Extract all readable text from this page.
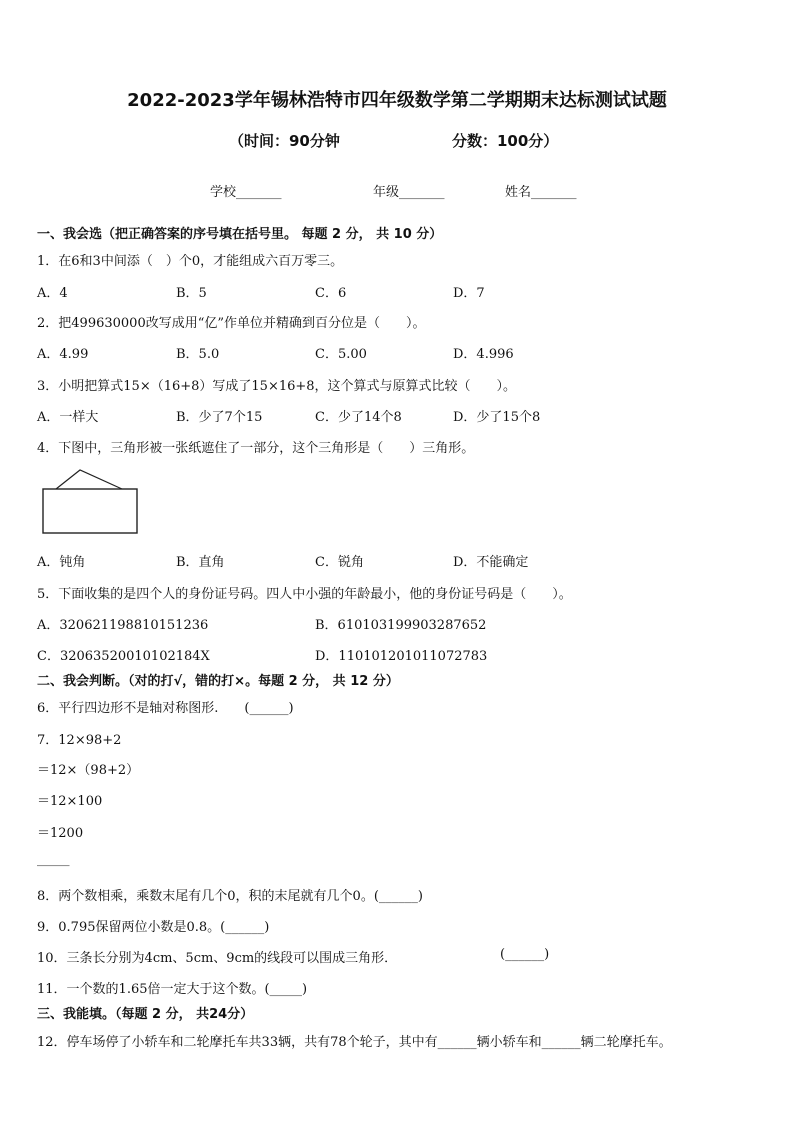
2022-2023学年锡林浩特市四年级数学第二学期期末达标测试试题
（时间：90分钟	分数：100分）
学校_______	年级_______	姓名_______
一、我会选（把正确答案的序号填在括号里。 每题 2 分， 共 10 分）
1．在6和3中间添（　）个0，才能组成六百万零三。
A．4	B．5	C．6	D．7
2．把499630000改写成用“亿”作单位并精确到百分位是（　　）。
A．4.99	B．5.0	C．5.00	D．4.996
3．小明把算式15×（16+8）写成了15×16+8，这个算式与原算式比较（　　）。
A．一样大	B．少了7个15	C．少了14个8	D．少了15个8
4．下图中，三角形被一张纸遮住了一部分，这个三角形是（　　）三角形。
A．钝角	B．直角	C．锐角	D．不能确定
5．下面收集的是四个人的身份证号码。四人中小强的年龄最小，他的身份证号码是（　　）。
A．320621198810151236	B．610103199903287652
C．32063520010102184X	D．110101201011072783
二、我会判断。（对的打√，错的打×。每题 2 分， 共 12 分）
6．平行四边形不是轴对称图形.　　(______)
7．12×98+2
＝12×（98+2）
＝12×100
＝1200
_____
8．两个数相乘，乘数末尾有几个0，积的末尾就有几个0。(______)
9．0.795保留两位小数是0.8。(______)
10．三条长分别为4cm、5cm、9cm的线段可以围成三角形．	(______)
11．一个数的1.65倍一定大于这个数。(_____)
三、我能填。（每题 2 分， 共24分）
12．停车场停了小轿车和二轮摩托车共33辆，共有78个轮子，其中有______辆小轿车和______辆二轮摩托车。
